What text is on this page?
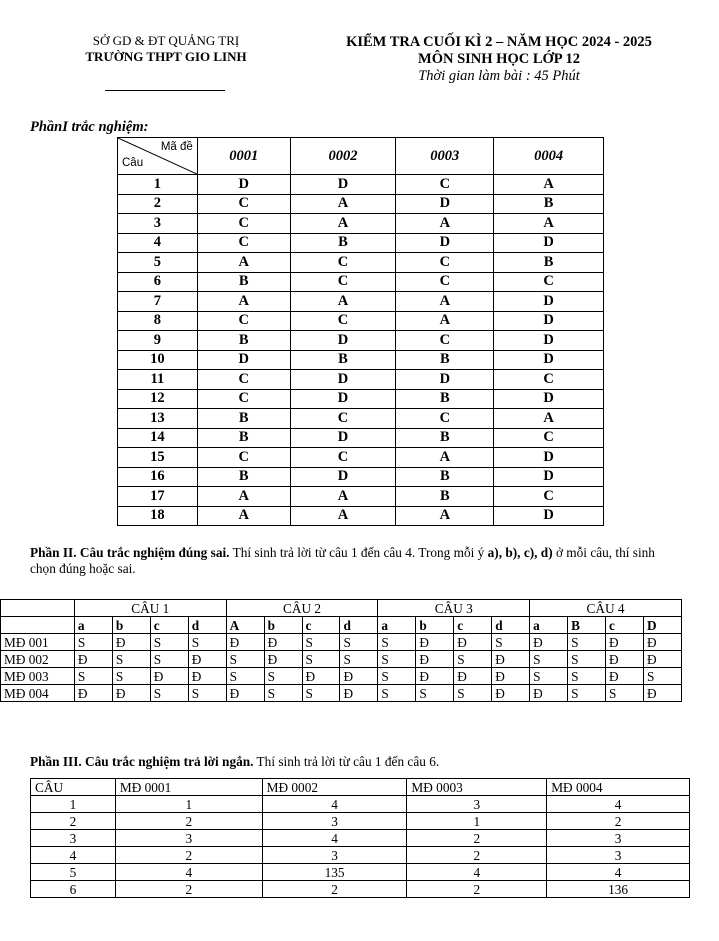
SỞ GD & ĐT QUẢNG TRỊ
TRƯỜNG THPT GIO LINH
KIỂM TRA CUỐI KÌ 2 – NĂM HỌC 2024 - 2025
MÔN SINH HỌC LỚP 12
Thời gian làm bài : 45 Phút
PhầnI trắc nghiệm:
Mã đề
Câu	0001	0002	0003	0004
1	D	D	C	A
2	C	A	D	B
3	C	A	A	A
4	C	B	D	D
5	A	C	C	B
6	B	C	C	C
7	A	A	A	D
8	C	C	A	D
9	B	D	C	D
10	D	B	B	D
11	C	D	D	C
12	C	D	B	D
13	B	C	C	A
14	B	D	B	C
15	C	C	A	D
16	B	D	B	D
17	A	A	B	C
18	A	A	A	D
Phần II. Câu trắc nghiệm đúng sai. Thí sinh trả lời từ câu 1 đến câu 4. Trong mỗi ý a), b), c), d) ở mỗi câu, thí sinh chọn đúng hoặc sai.
	CÂU 1				CÂU 2				CÂU 3				CÂU 4			
	a	b	c	d	A	b	c	d	a	b	c	d	a	B	c	D
MĐ 001	S	Đ	S	S	Đ	Đ	S	S	S	Đ	Đ	S	Đ	S	Đ	Đ
MĐ 002	Đ	S	S	Đ	S	Đ	S	S	S	Đ	S	Đ	S	S	Đ	Đ
MĐ 003	S	S	Đ	Đ	S	S	Đ	Đ	S	Đ	Đ	Đ	S	S	Đ	S
MĐ 004	Đ	Đ	S	S	Đ	S	S	Đ	S	S	S	Đ	Đ	S	S	Đ
Phần III. Câu trắc nghiệm trả lời ngắn. Thí sinh trả lời từ câu 1 đến câu 6.
CÂU	MĐ 0001	MĐ 0002	MĐ 0003	MĐ 0004
1	1	4	3	4
2	2	3	1	2
3	3	4	2	3
4	2	3	2	3
5	4	135	4	4
6	2	2	2	136
